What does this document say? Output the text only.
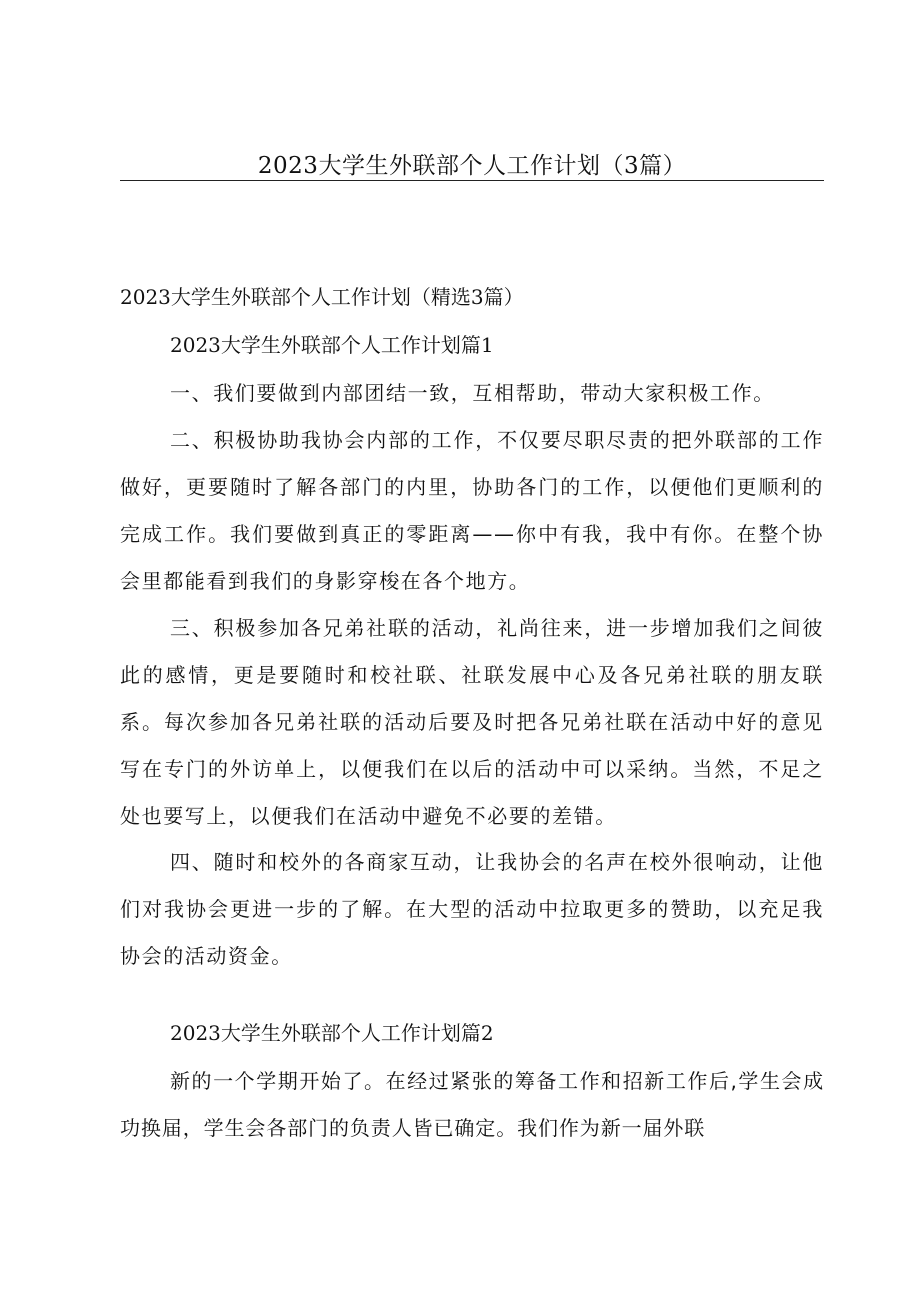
2023大学生外联部个人工作计划（3篇）
2023大学生外联部个人工作计划（精选3篇）
2023大学生外联部个人工作计划篇1

一、我们要做到内部团结一致，互相帮助，带动大家积极工作。

二、积极协助我协会内部的工作，不仅要尽职尽责的把外联部的工作做好，更要随时了解各部门的内里，协助各门的工作，以便他们更顺利的完成工作。我们要做到真正的零距离——你中有我，我中有你。在整个协会里都能看到我们的身影穿梭在各个地方。

三、积极参加各兄弟社联的活动，礼尚往来，进一步增加我们之间彼此的感情，更是要随时和校社联、社联发展中心及各兄弟社联的朋友联系。每次参加各兄弟社联的活动后要及时把各兄弟社联在活动中好的意见写在专门的外访单上，以便我们在以后的活动中可以采纳。当然，不足之处也要写上，以便我们在活动中避免不必要的差错。

四、随时和校外的各商家互动，让我协会的名声在校外很响动，让他们对我协会更进一步的了解。在大型的活动中拉取更多的赞助，以充足我协会的活动资金。

2023大学生外联部个人工作计划篇2

新的一个学期开始了。在经过紧张的筹备工作和招新工作后,学生会成功换届，学生会各部门的负责人皆已确定。我们作为新一届外联
